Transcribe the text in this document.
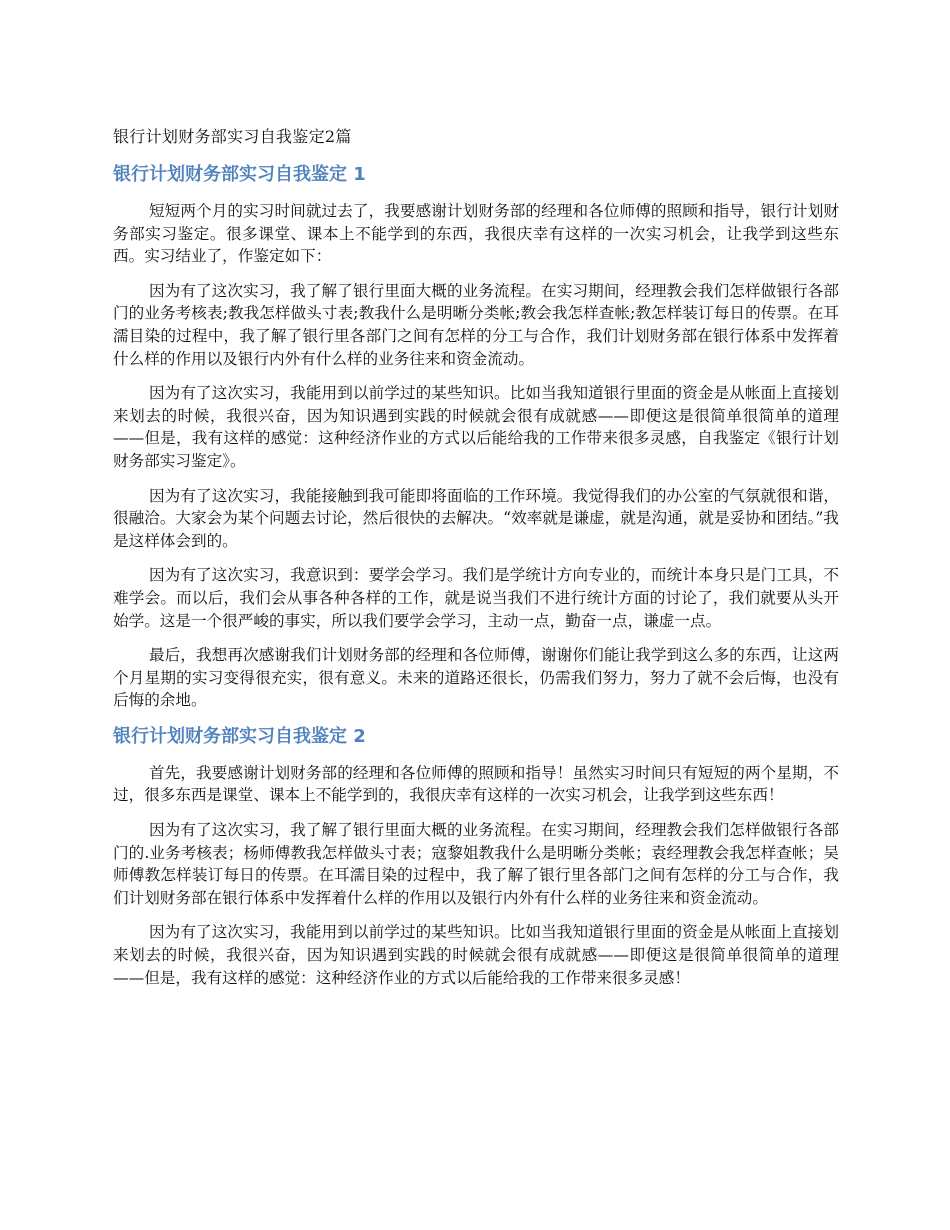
银行计划财务部实习自我鉴定2篇
银行计划财务部实习自我鉴定 1

短短两个月的实习时间就过去了，我要感谢计划财务部的经理和各位师傅的照顾和指导，银行计划财务部实习鉴定。很多课堂、课本上不能学到的东西，我很庆幸有这样的一次实习机会，让我学到这些东西。实习结业了，作鉴定如下：

因为有了这次实习，我了解了银行里面大概的业务流程。在实习期间，经理教会我们怎样做银行各部门的业务考核表;教我怎样做头寸表;教我什么是明晰分类帐;教会我怎样查帐;教怎样装订每日的传票。在耳濡目染的过程中，我了解了银行里各部门之间有怎样的分工与合作，我们计划财务部在银行体系中发挥着什么样的作用以及银行内外有什么样的业务往来和资金流动。

因为有了这次实习，我能用到以前学过的某些知识。比如当我知道银行里面的资金是从帐面上直接划来划去的时候，我很兴奋，因为知识遇到实践的时候就会很有成就感——即便这是很简单很简单的道理——但是，我有这样的感觉：这种经济作业的方式以后能给我的工作带来很多灵感，自我鉴定《银行计划财务部实习鉴定》。

因为有了这次实习，我能接触到我可能即将面临的工作环境。我觉得我们的办公室的气氛就很和谐，很融洽。大家会为某个问题去讨论，然后很快的去解决。“效率就是谦虚，就是沟通，就是妥协和团结。”我是这样体会到的。

因为有了这次实习，我意识到：要学会学习。我们是学统计方向专业的，而统计本身只是门工具，不难学会。而以后，我们会从事各种各样的工作，就是说当我们不进行统计方面的讨论了，我们就要从头开始学。这是一个很严峻的事实，所以我们要学会学习，主动一点，勤奋一点，谦虚一点。

最后，我想再次感谢我们计划财务部的经理和各位师傅，谢谢你们能让我学到这么多的东西，让这两个月星期的实习变得很充实，很有意义。未来的道路还很长，仍需我们努力，努力了就不会后悔，也没有后悔的余地。

银行计划财务部实习自我鉴定 2

首先，我要感谢计划财务部的经理和各位师傅的照顾和指导！虽然实习时间只有短短的两个星期，不过，很多东西是课堂、课本上不能学到的，我很庆幸有这样的一次实习机会，让我学到这些东西！

因为有了这次实习，我了解了银行里面大概的业务流程。在实习期间，经理教会我们怎样做银行各部门的.业务考核表；杨师傅教我怎样做头寸表；寇黎姐教我什么是明晰分类帐；袁经理教会我怎样查帐；吴师傅教怎样装订每日的传票。在耳濡目染的过程中，我了解了银行里各部门之间有怎样的分工与合作，我们计划财务部在银行体系中发挥着什么样的作用以及银行内外有什么样的业务往来和资金流动。

因为有了这次实习，我能用到以前学过的某些知识。比如当我知道银行里面的资金是从帐面上直接划来划去的时候，我很兴奋，因为知识遇到实践的时候就会很有成就感——即便这是很简单很简单的道理——但是，我有这样的感觉：这种经济作业的方式以后能给我的工作带来很多灵感！
